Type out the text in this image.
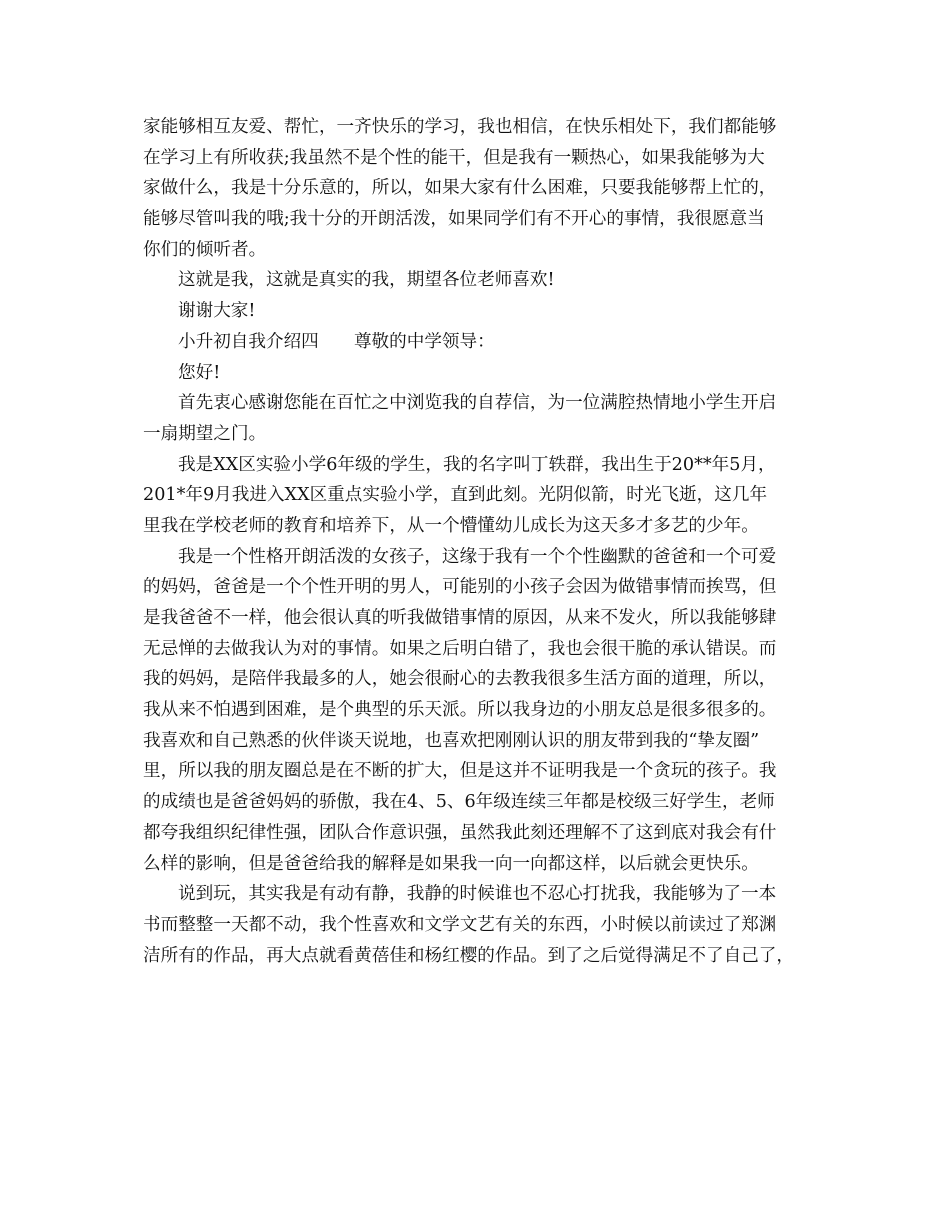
家能够相互友爱、帮忙，一齐快乐的学习，我也相信，在快乐相处下，我们都能够
在学习上有所收获;我虽然不是个性的能干，但是我有一颗热心，如果我能够为大
家做什么，我是十分乐意的，所以，如果大家有什么困难，只要我能够帮上忙的，
能够尽管叫我的哦;我十分的开朗活泼，如果同学们有不开心的事情，我很愿意当
你们的倾听者。
这就是我，这就是真实的我，期望各位老师喜欢!
谢谢大家!
小升初自我介绍四　　尊敬的中学领导：
您好!
首先衷心感谢您能在百忙之中浏览我的自荐信，为一位满腔热情地小学生开启
一扇期望之门。
我是XX区实验小学6年级的学生，我的名字叫丁轶群，我出生于20**年5月，
201*年9月我进入XX区重点实验小学，直到此刻。光阴似箭，时光飞逝，这几年
里我在学校老师的教育和培养下，从一个懵懂幼儿成长为这天多才多艺的少年。
我是一个性格开朗活泼的女孩子，这缘于我有一个个性幽默的爸爸和一个可爱
的妈妈，爸爸是一个个性开明的男人，可能别的小孩子会因为做错事情而挨骂，但
是我爸爸不一样，他会很认真的听我做错事情的原因，从来不发火，所以我能够肆
无忌惮的去做我认为对的事情。如果之后明白错了，我也会很干脆的承认错误。而
我的妈妈，是陪伴我最多的人，她会很耐心的去教我很多生活方面的道理，所以，
我从来不怕遇到困难，是个典型的乐天派。所以我身边的小朋友总是很多很多的。
我喜欢和自己熟悉的伙伴谈天说地，也喜欢把刚刚认识的朋友带到我的“挚友圈”
里，所以我的朋友圈总是在不断的扩大，但是这并不证明我是一个贪玩的孩子。我
的成绩也是爸爸妈妈的骄傲，我在4、5、6年级连续三年都是校级三好学生，老师
都夸我组织纪律性强，团队合作意识强，虽然我此刻还理解不了这到底对我会有什
么样的影响，但是爸爸给我的解释是如果我一向一向都这样，以后就会更快乐。
说到玩，其实我是有动有静，我静的时候谁也不忍心打扰我，我能够为了一本
书而整整一天都不动，我个性喜欢和文学文艺有关的东西，小时候以前读过了郑渊
洁所有的作品，再大点就看黄蓓佳和杨红樱的作品。到了之后觉得满足不了自己了，
